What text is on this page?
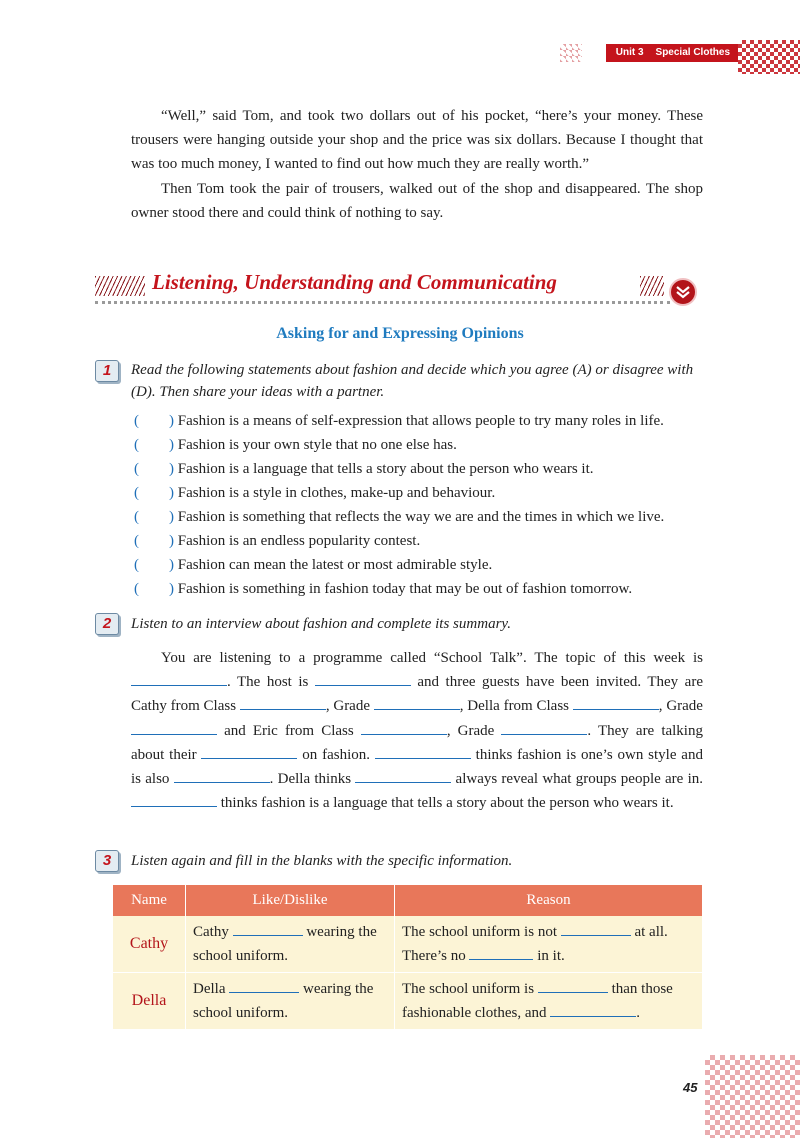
Unit 3 Special Clothes

“Well,” said Tom, and took two dollars out of his pocket, “here’s your money. These trousers were hanging outside your shop and the price was six dollars. Because I thought that was too much money, I wanted to find out how much they are really worth.”

Then Tom took the pair of trousers, walked out of the shop and disappeared. The shop owner stood there and could think of nothing to say.

Listening, Understanding and Communicating
Asking for and Expressing Opinions
1	Read the following statements about fashion and decide which you agree (A) or disagree with (D). Then share your ideas with a partner.
( ) Fashion is a means of self-expression that allows people to try many roles in life.
( ) Fashion is your own style that no one else has.
( ) Fashion is a language that tells a story about the person who wears it.
( ) Fashion is a style in clothes, make-up and behaviour.
( ) Fashion is something that reflects the way we are and the times in which we live.
( ) Fashion is an endless popularity contest.
( ) Fashion can mean the latest or most admirable style.
( ) Fashion is something in fashion today that may be out of fashion tomorrow.
2	Listen to an interview about fashion and complete its summary.

You are listening to a programme called “School Talk”. The topic of this week is . The host is	and three guests have been invited. They are Cathy from Class	, Grade	, Della from Class	, Grade  and Eric from Class	, Grade	. They are talking about their	on fashion.	thinks fashion is one’s own style and is also	. Della thinks	always reveal what groups people are in.  thinks fashion is a language that tells a story about the person who wears it.

3	Listen again and fill in the blanks with the specific information.
Name	Like/Dislike	Reason
Cathy	Cathy wearing the school uniform.	The school uniform is not at all. There’s no in it.
Della	Della wearing the school uniform.	The school uniform is than those fashionable clothes, and .
45
